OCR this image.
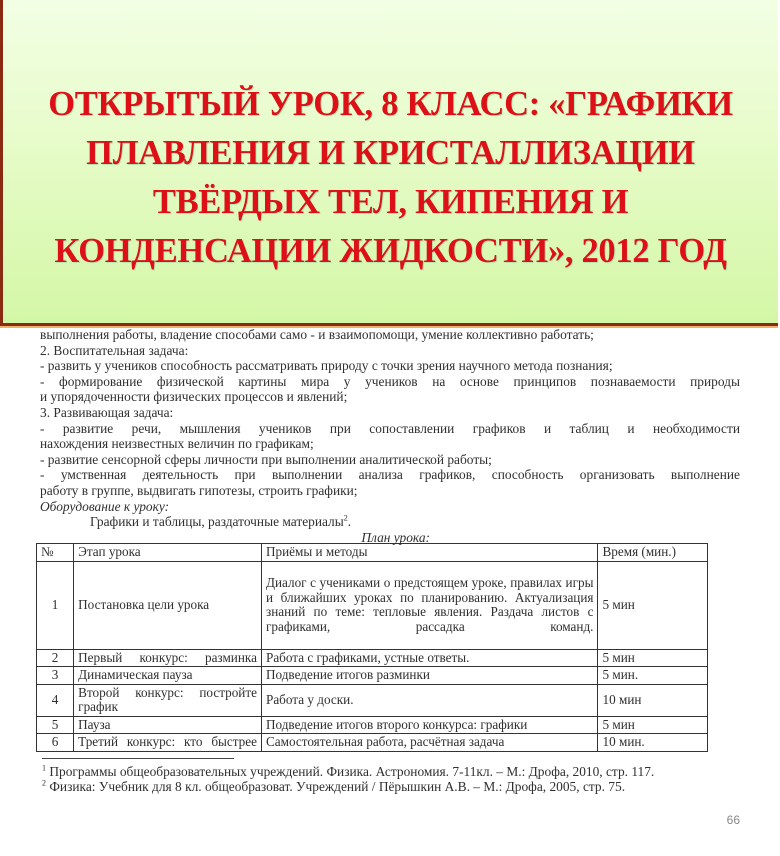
ОТКРЫТЫЙ УРОК, 8 КЛАСС: «ГРАФИКИ
ПЛАВЛЕНИЯ И КРИСТАЛЛИЗАЦИИ
ТВЁРДЫХ ТЕЛ, КИПЕНИЯ И
КОНДЕНСАЦИИ ЖИДКОСТИ», 2012 ГОД

выполнения работы, владение способами само - и взаимопомощи, умение коллективно работать;

2. Воспитательная задача:

- развить у учеников способность рассматривать природу с точки зрения научного метода познания;

- формирование физической картины мира у учеников на основе принципов познаваемости природы

и упорядоченности физических процессов и явлений;

3. Развивающая задача:

- развитие речи, мышления учеников при сопоставлении графиков и таблиц и необходимости

нахождения неизвестных величин по графикам;

- развитие сенсорной сферы личности при выполнении аналитической работы;

- умственная деятельность при выполнении анализа графиков, способность организовать выполнение

работу в группе, выдвигать гипотезы, строить графики;

Оборудование к уроку:

Графики и таблицы, раздаточные материалы$^2$.

План урока:

№	Этап урока	Приёмы и методы	Время (мин.)
1	Постановка цели урока	Диалог с учениками о предстоящем уроке, правилах игры и ближайших уроках по планированию. Актуализация знаний по теме: тепловые явления. Раздача листов с графиками, рассадка команд.	5 мин
2	Первый конкурс: разминка	Работа с графиками, устные ответы.	5 мин
3	Динамическая пауза	Подведение итогов разминки	5 мин.
4	Второй конкурс: постройте график	Работа у доски.	10 мин
5	Пауза	Подведение итогов второго конкурса: графики	5 мин
6	Третий конкурс: кто быстрее	Самостоятельная работа, расчётная задача	10 мин.

$^1$ Программы общеобразовательных учреждений. Физика. Астрономия. 7-11кл. – М.: Дрофа, 2010, стр. 117.

$^2$ Физика: Учебник для 8 кл. общеобразоват. Учреждений / Пёрышкин А.В. – М.: Дрофа, 2005, стр. 75.

66
